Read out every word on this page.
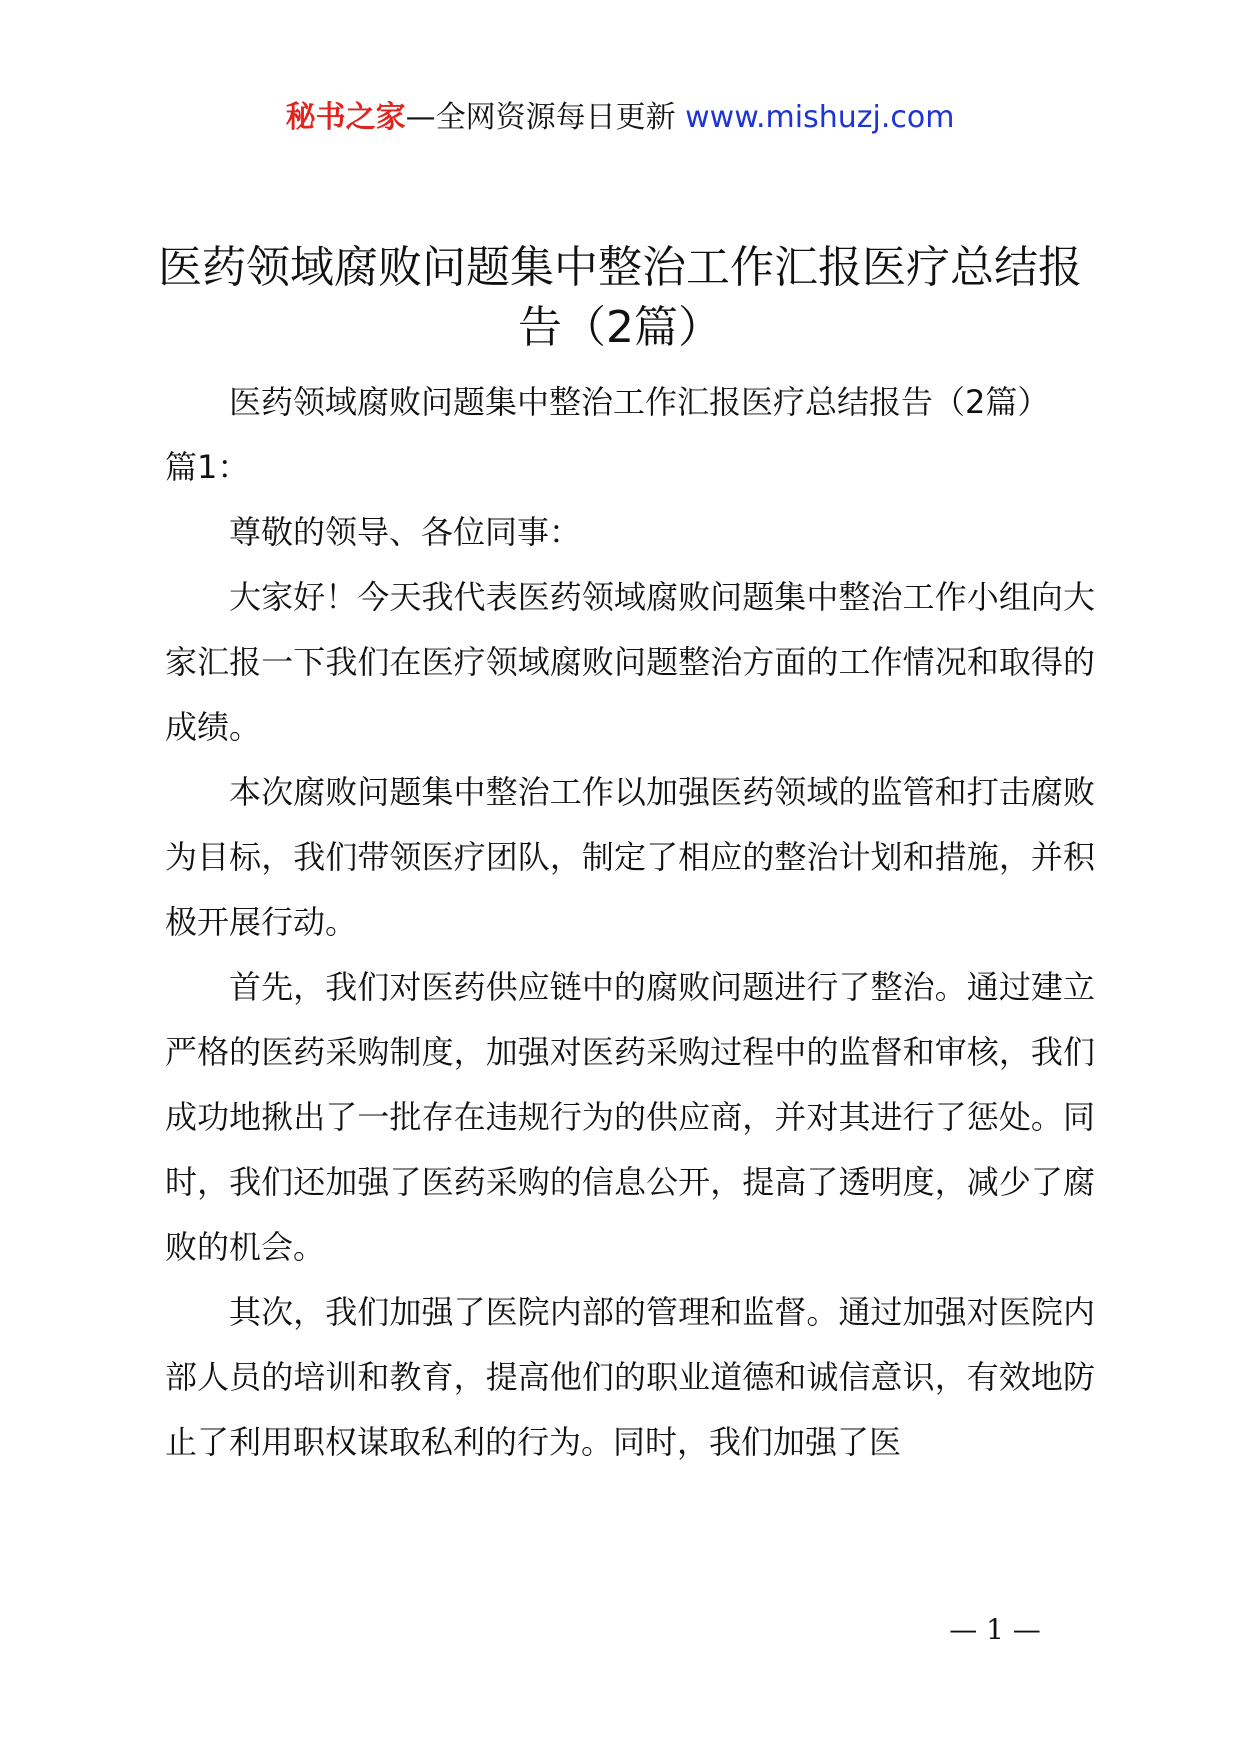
秘书之家—全网资源每日更新 www.mishuzj.com
医药领域腐败问题集中整治工作汇报医疗总结报告（2篇）

医药领域腐败问题集中整治工作汇报医疗总结报告（2篇）

篇1：

尊敬的领导、各位同事：

大家好！今天我代表医药领域腐败问题集中整治工作小组向大家汇报一下我们在医疗领域腐败问题整治方面的工作情况和取得的成绩。

本次腐败问题集中整治工作以加强医药领域的监管和打击腐败为目标，我们带领医疗团队，制定了相应的整治计划和措施，并积极开展行动。

首先，我们对医药供应链中的腐败问题进行了整治。通过建立严格的医药采购制度，加强对医药采购过程中的监督和审核，我们成功地揪出了一批存在违规行为的供应商，并对其进行了惩处。同时，我们还加强了医药采购的信息公开，提高了透明度，减少了腐败的机会。

其次，我们加强了医院内部的管理和监督。通过加强对医院内部人员的培训和教育，提高他们的职业道德和诚信意识，有效地防止了利用职权谋取私利的行为。同时，我们加强了医

— 1 —
